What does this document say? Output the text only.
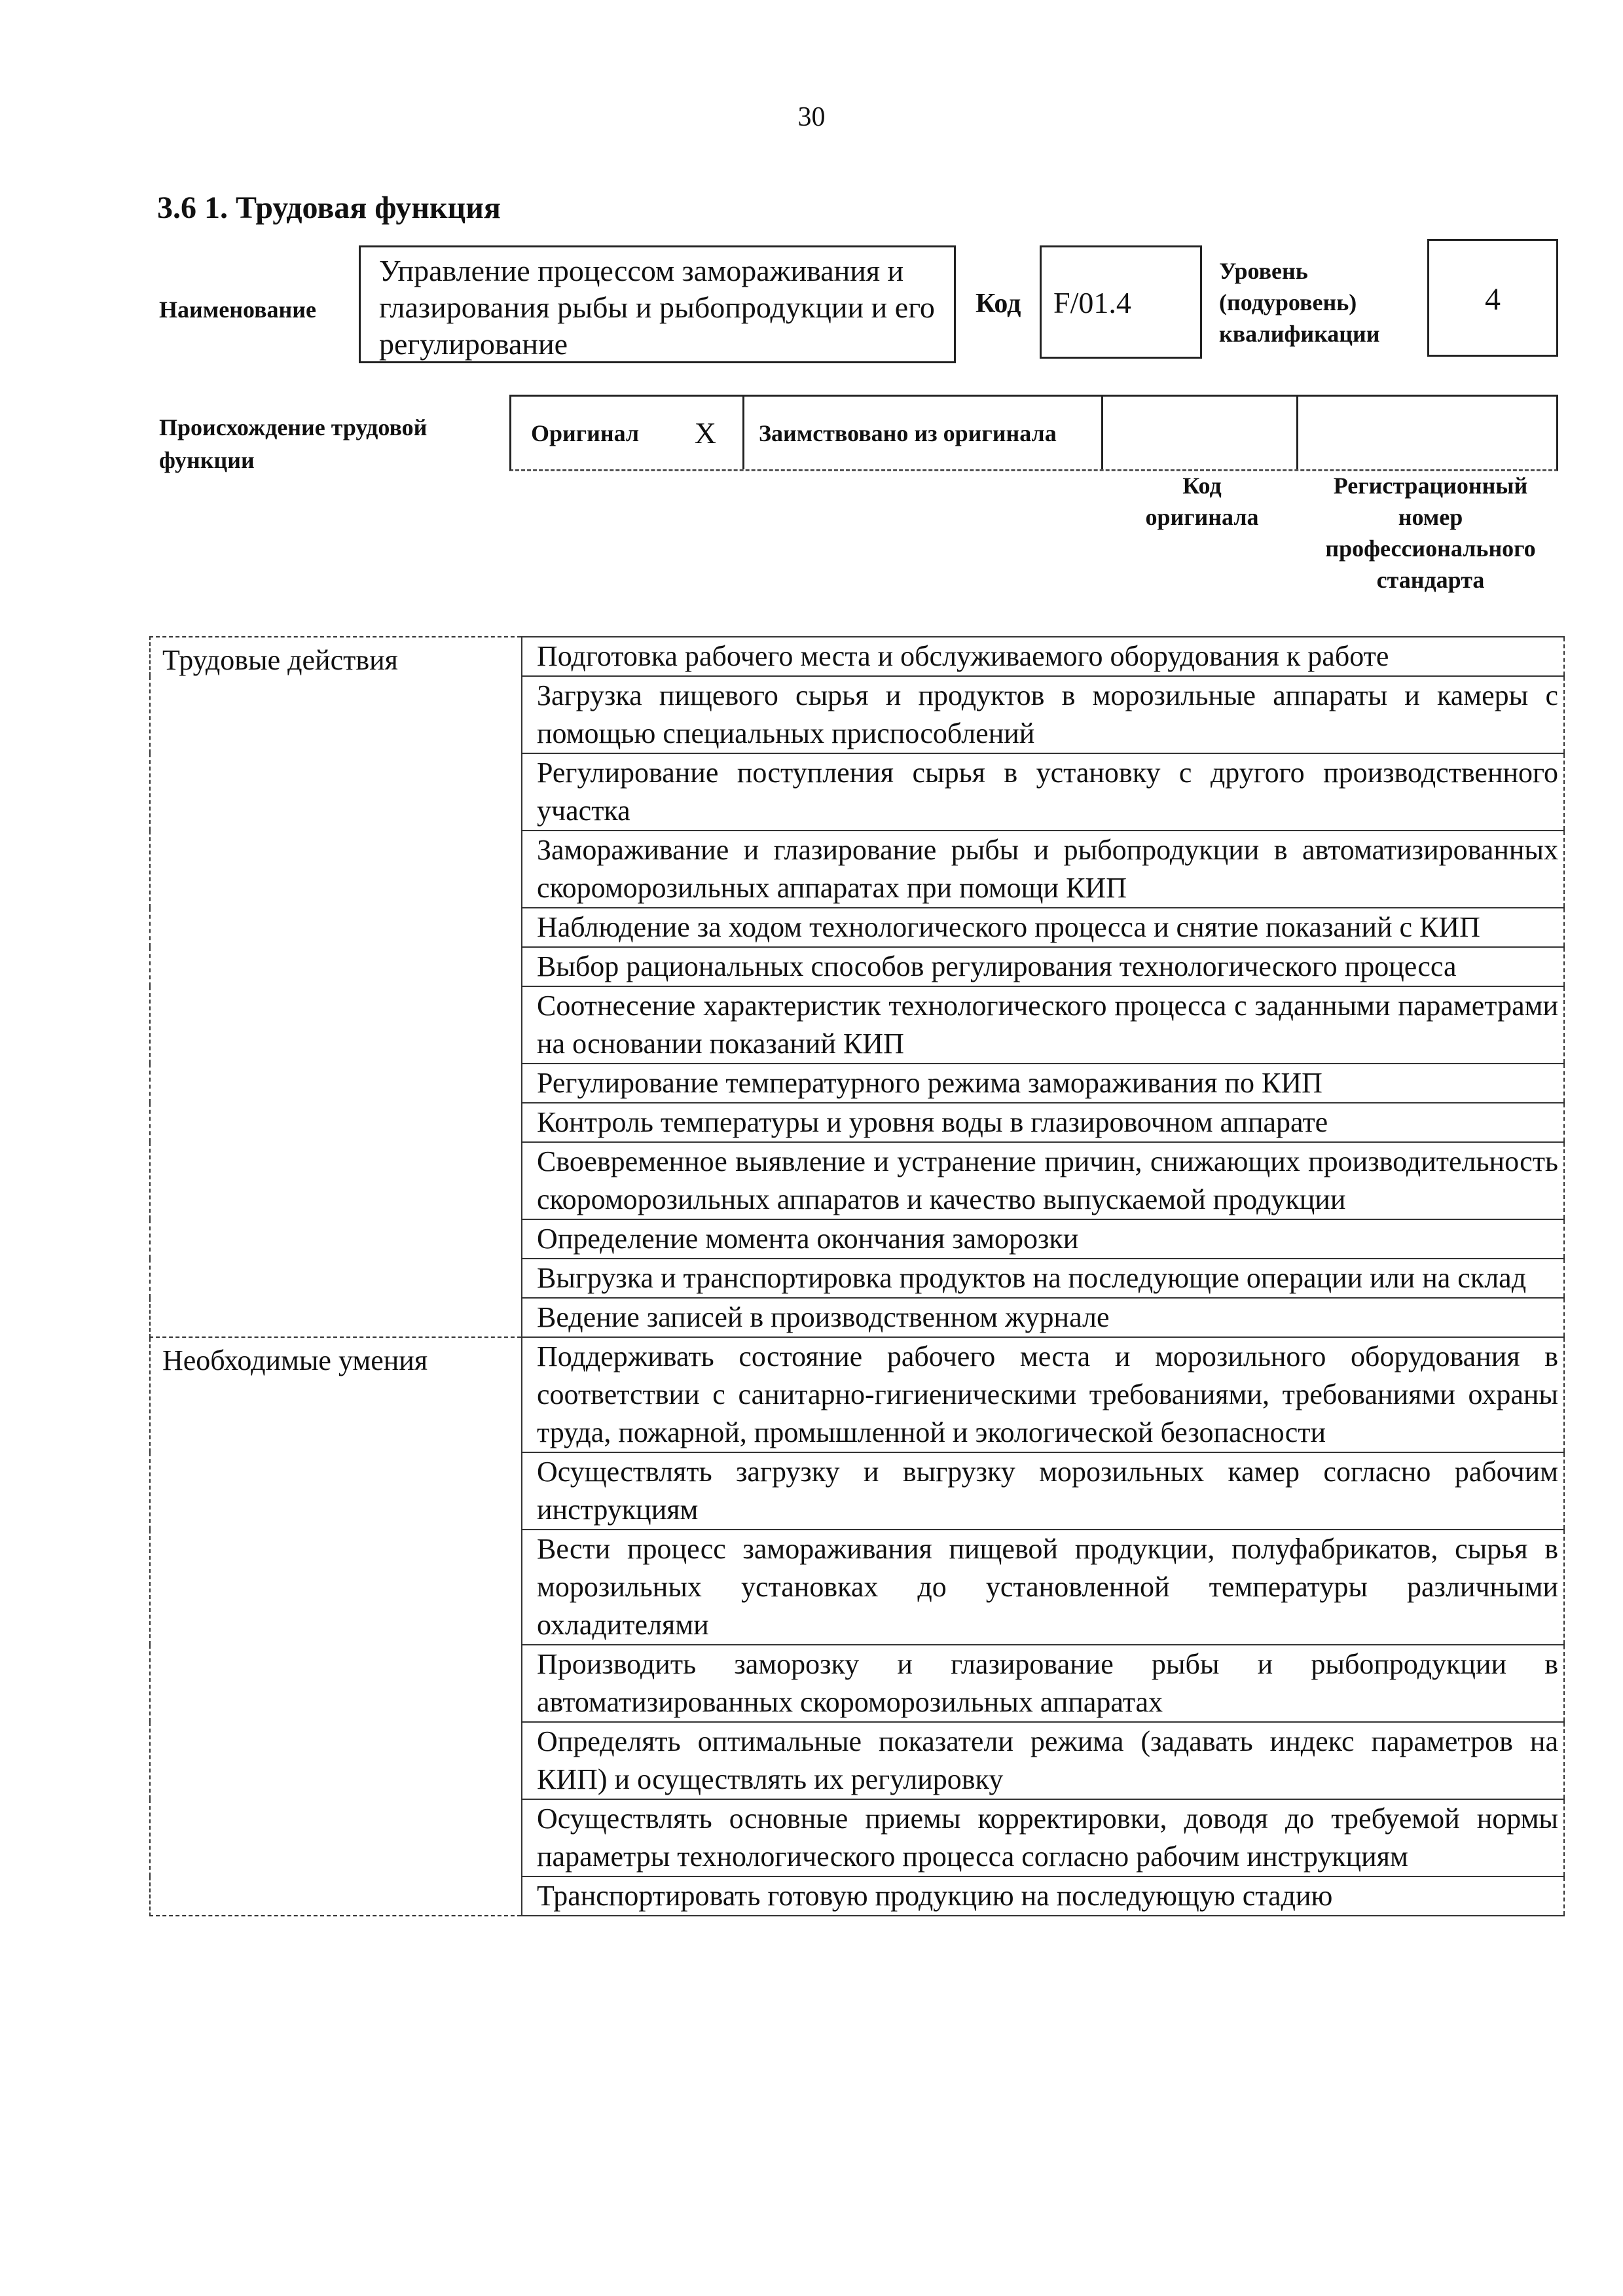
30
3.6 1. Трудовая функция
Наименование
Управление процессом замораживания и глазирования рыбы и рыбопродукции и его регулирование
Код	F/01.4
Уровень
(подуровень)
квалификации
4
Происхождение трудовой
функции
Оригинал X Заимствовано из оригинала
Код
оригинала
Регистрационный
номер
профессионального
стандарта
Трудовые действия	Подготовка рабочего места и обслуживаемого оборудования к работе
	Загрузка пищевого сырья и продуктов в морозильные аппараты и камеры с помощью специальных приспособлений
	Регулирование поступления сырья в установку с другого производственного участка
	Замораживание и глазирование рыбы и рыбопродукции в автоматизированных скороморозильных аппаратах при помощи КИП
	Наблюдение за ходом технологического процесса и снятие показаний с КИП
	Выбор рациональных способов регулирования технологического процесса
	Соотнесение характеристик технологического процесса с заданными параметрами на основании показаний КИП
	Регулирование температурного режима замораживания по КИП
	Контроль температуры и уровня воды в глазировочном аппарате
	Своевременное выявление и устранение причин, снижающих производительность скороморозильных аппаратов и качество выпускаемой продукции
	Определение момента окончания заморозки
	Выгрузка и транспортировка продуктов на последующие операции или на склад
	Ведение записей в производственном журнале
Необходимые умения	Поддерживать состояние рабочего места и морозильного оборудования в соответствии с санитарно-гигиеническими требованиями, требованиями охраны труда, пожарной, промышленной и экологической безопасности
	Осуществлять загрузку и выгрузку морозильных камер согласно рабочим инструкциям
	Вести процесс замораживания пищевой продукции, полуфабрикатов, сырья в морозильных установках до установленной температуры различными охладителями
	Производить заморозку и глазирование рыбы и рыбопродукции в автоматизированных скороморозильных аппаратах
	Определять оптимальные показатели режима (задавать индекс параметров на КИП) и осуществлять их регулировку
	Осуществлять основные приемы корректировки, доводя до требуемой нормы параметры технологического процесса согласно рабочим инструкциям
	Транспортировать готовую продукцию на последующую стадию
